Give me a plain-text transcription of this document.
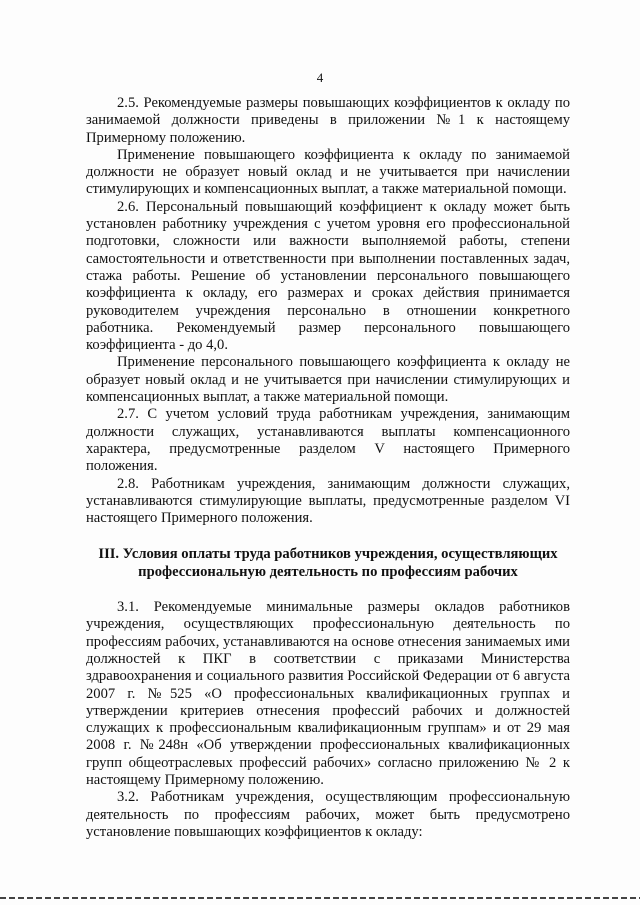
4

2.5. Рекомендуемые размеры повышающих коэффициентов к окладу по занимаемой должности приведены в приложении №1 к настоящему Примерному положению.

Применение повышающего коэффициента к окладу по занимаемой должности не образует новый оклад и не учитывается при начислении стимулирующих и компенсационных выплат, а также материальной помощи.

2.6. Персональный повышающий коэффициент к окладу может быть установлен работнику учреждения с учетом уровня его профессиональной подготовки, сложности или важности выполняемой работы, степени самостоятельности и ответственности при выполнении поставленных задач, стажа работы. Решение об установлении персонального повышающего коэффициента к окладу, его размерах и сроках действия принимается руководителем учреждения персонально в отношении конкретного работника. Рекомендуемый размер персонального повышающего коэффициента - до 4,0.

Применение персонального повышающего коэффициента к окладу не образует новый оклад и не учитывается при начислении стимулирующих и компенсационных выплат, а также материальной помощи.

2.7. С учетом условий труда работникам учреждения, занимающим должности служащих, устанавливаются выплаты компенсационного характера, предусмотренные разделом V настоящего Примерного положения.

2.8. Работникам учреждения, занимающим должности служащих, устанавливаются стимулирующие выплаты, предусмотренные разделом VI настоящего Примерного положения.

III. Условия оплаты труда работников учреждения, осуществляющих профессиональную деятельность по профессиям рабочих

3.1. Рекомендуемые минимальные размеры окладов работников учреждения, осуществляющих профессиональную деятельность по профессиям рабочих, устанавливаются на основе отнесения занимаемых ими должностей к ПКГ в соответствии с приказами Министерства здравоохранения и социального развития Российской Федерации от 6 августа 2007 г. №525 «О профессиональных квалификационных группах и утверждении критериев отнесения профессий рабочих и должностей служащих к профессиональным квалификационным группам» и от 29 мая 2008 г. №248н «Об утверждении профессиональных квалификационных групп общеотраслевых профессий рабочих» согласно приложению № 2 к настоящему Примерному положению.

3.2. Работникам учреждения, осуществляющим профессиональную деятельность по профессиям рабочих, может быть предусмотрено установление повышающих коэффициентов к окладу:
